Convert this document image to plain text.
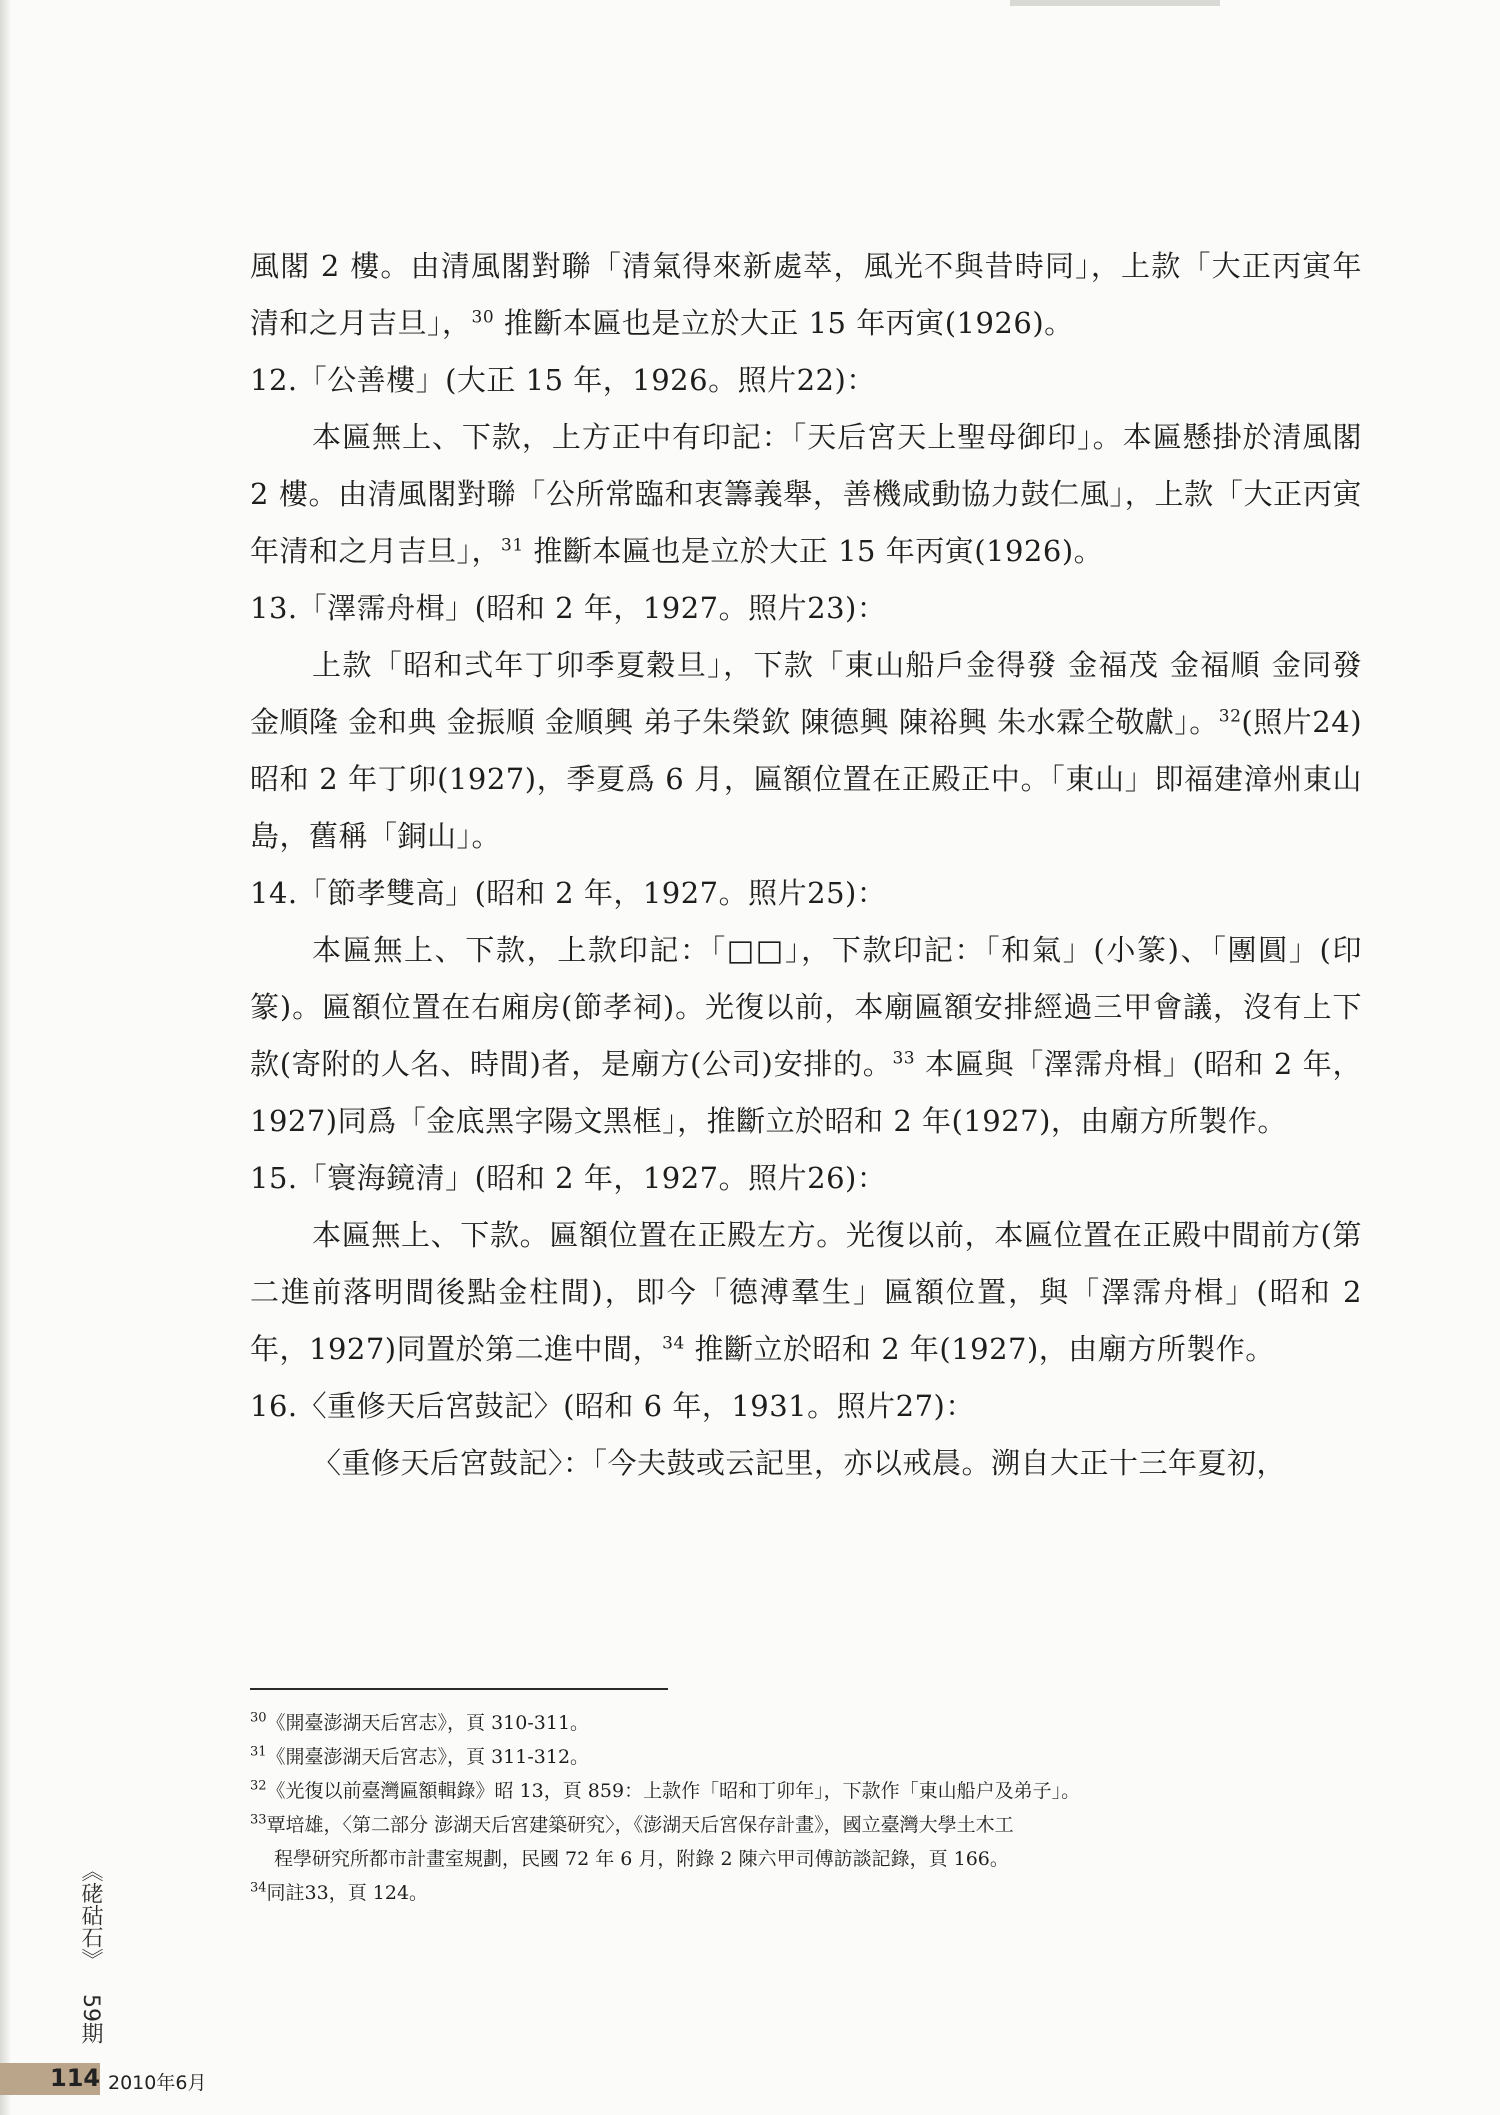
風閣 2 樓。由清風閣對聯「清氣得來新處萃，風光不與昔時同」，上款「大正丙寅年清和之月吉旦」，$^{30}$ 推斷本匾也是立於大正 15 年丙寅(1926)。

12.「公善樓」(大正 15 年，1926。照片22)：

本匾無上、下款，上方正中有印記：「天后宮天上聖母御印」。本匾懸掛於清風閣 2 樓。由清風閣對聯「公所常臨和衷籌義舉，善機咸動協力鼓仁風」，上款「大正丙寅年清和之月吉旦」，$^{31}$ 推斷本匾也是立於大正 15 年丙寅(1926)。

13.「澤霈舟楫」(昭和 2 年，1927。照片23)：

上款「昭和弍年丁卯季夏穀旦」，下款「東山船戶金得發 金福茂 金福順 金同發 金順隆 金和典 金振順 金順興 弟子朱榮欽 陳德興 陳裕興 朱水霖仝敬獻」。$^{32}$(照片24) 昭和 2 年丁卯(1927)，季夏爲 6 月，匾額位置在正殿正中。「東山」即福建漳州東山島，舊稱「銅山」。

14.「節孝雙高」(昭和 2 年，1927。照片25)：

本匾無上、下款，上款印記：「□□」，下款印記：「和氣」(小篆)、「團圓」(印篆)。匾額位置在右廂房(節孝祠)。光復以前，本廟匾額安排經過三甲會議，沒有上下款(寄附的人名、時間)者，是廟方(公司)安排的。$^{33}$ 本匾與「澤霈舟楫」(昭和 2 年，1927)同爲「金底黑字陽文黑框」，推斷立於昭和 2 年(1927)，由廟方所製作。

15.「寰海鏡清」(昭和 2 年，1927。照片26)：

本匾無上、下款。匾額位置在正殿左方。光復以前，本匾位置在正殿中間前方(第二進前落明間後點金柱間)，即今「德溥羣生」匾額位置，與「澤霈舟楫」(昭和 2 年，1927)同置於第二進中間，$^{34}$ 推斷立於昭和 2 年(1927)，由廟方所製作。

16.〈重修天后宮鼓記〉(昭和 6 年，1931。照片27)：

〈重修天后宮鼓記〉：「今夫鼓或云記里，亦以戒晨。溯自大正十三年夏初，

$^{30}$《開臺澎湖天后宮志》，頁 310-311。

$^{31}$《開臺澎湖天后宮志》，頁 311-312。

$^{32}$《光復以前臺灣匾額輯錄》昭 13，頁 859：上款作「昭和丁卯年」，下款作「東山船户及弟子」。

$^{33}$覃培雄，〈第二部分 澎湖天后宮建築研究〉，《澎湖天后宮保存計畫》，國立臺灣大學土木工
程學研究所都市計畫室規劃，民國 72 年 6 月，附錄 2 陳六甲司傅訪談記錄，頁 166。

$^{34}$同註33，頁 124。

《硓𥑮石》
59期
114 2010年6月
